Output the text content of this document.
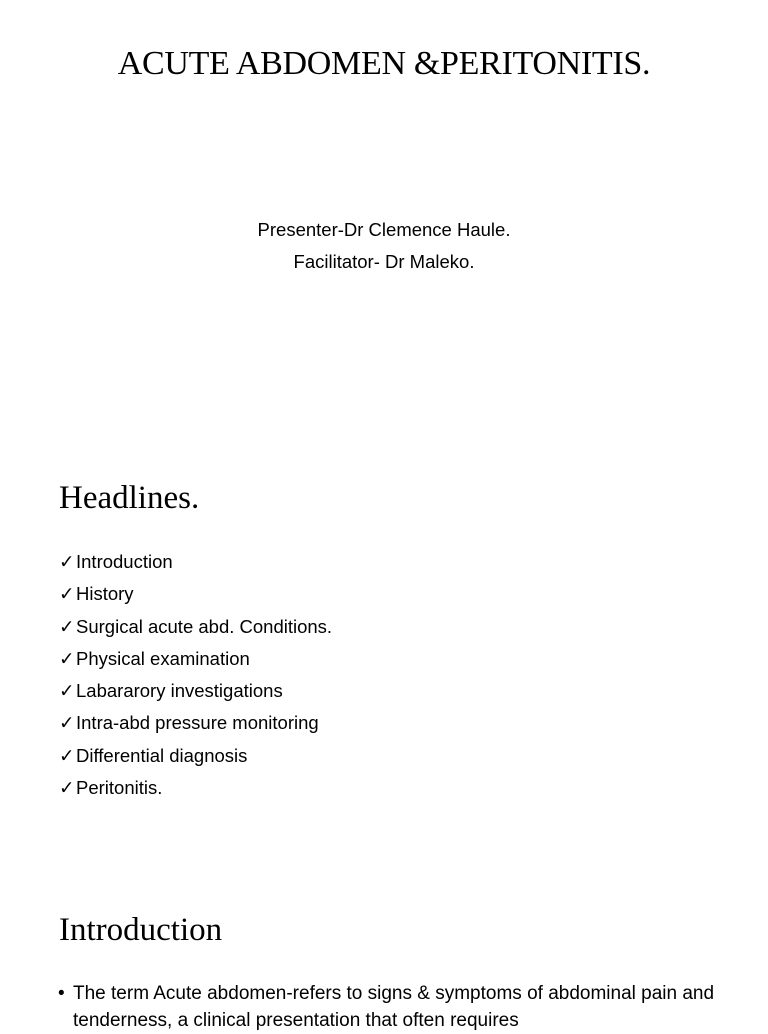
ACUTE ABDOMEN &PERITONITIS.
Presenter-Dr Clemence Haule.
Facilitator- Dr Maleko.
Headlines.
✓Introduction
✓History
✓Surgical acute abd. Conditions.
✓Physical examination
✓Labararory investigations
✓Intra-abd pressure monitoring
✓Differential diagnosis
✓Peritonitis.
Introduction
• The term Acute abdomen-refers to signs & symptoms of abdominal pain and tenderness, a clinical presentation that often requires
